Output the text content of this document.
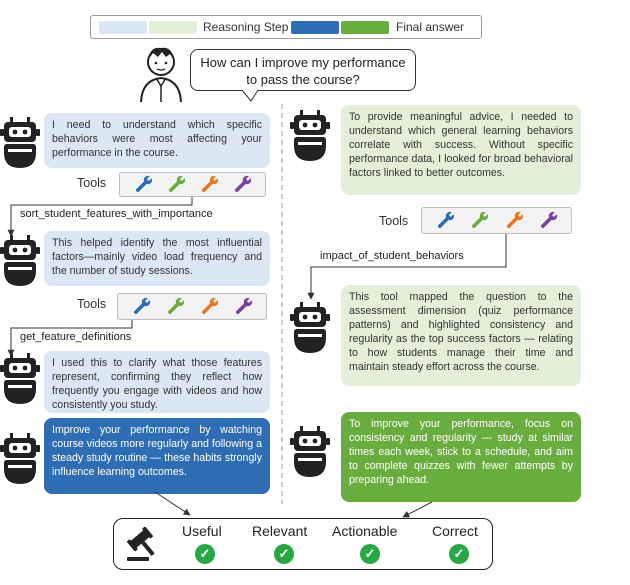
Reasoning Step	Final answer
How can I improve my performance to pass the course?
I need to understand which specific behaviors were most affecting your performance in the course.
Tools
sort_student_features_with_importance
This helped identify the most influential factors—mainly video load frequency and the number of study sessions.
Tools
get_feature_definitions
I used this to clarify what those features represent, confirming they reflect how frequently you engage with videos and how consistently you study.
Improve your performance by watching course videos more regularly and following a steady study routine — these habits strongly influence learning outcomes.
To provide meaningful advice, I needed to understand which general learning behaviors correlate with success. Without specific performance data, I looked for broad behavioral factors linked to better outcomes.
Tools
impact_of_student_behaviors
This tool mapped the question to the assessment dimension (quiz performance patterns) and highlighted consistency and regularity as the top success factors — relating to how students manage their time and maintain steady effort across the course.
To improve your performance, focus on consistency and regularity — study at similar times each week, stick to a schedule, and aim to complete quizzes with fewer attempts by preparing ahead.
Useful Relevant Actionable Correct
✓	✓	✓	✓
